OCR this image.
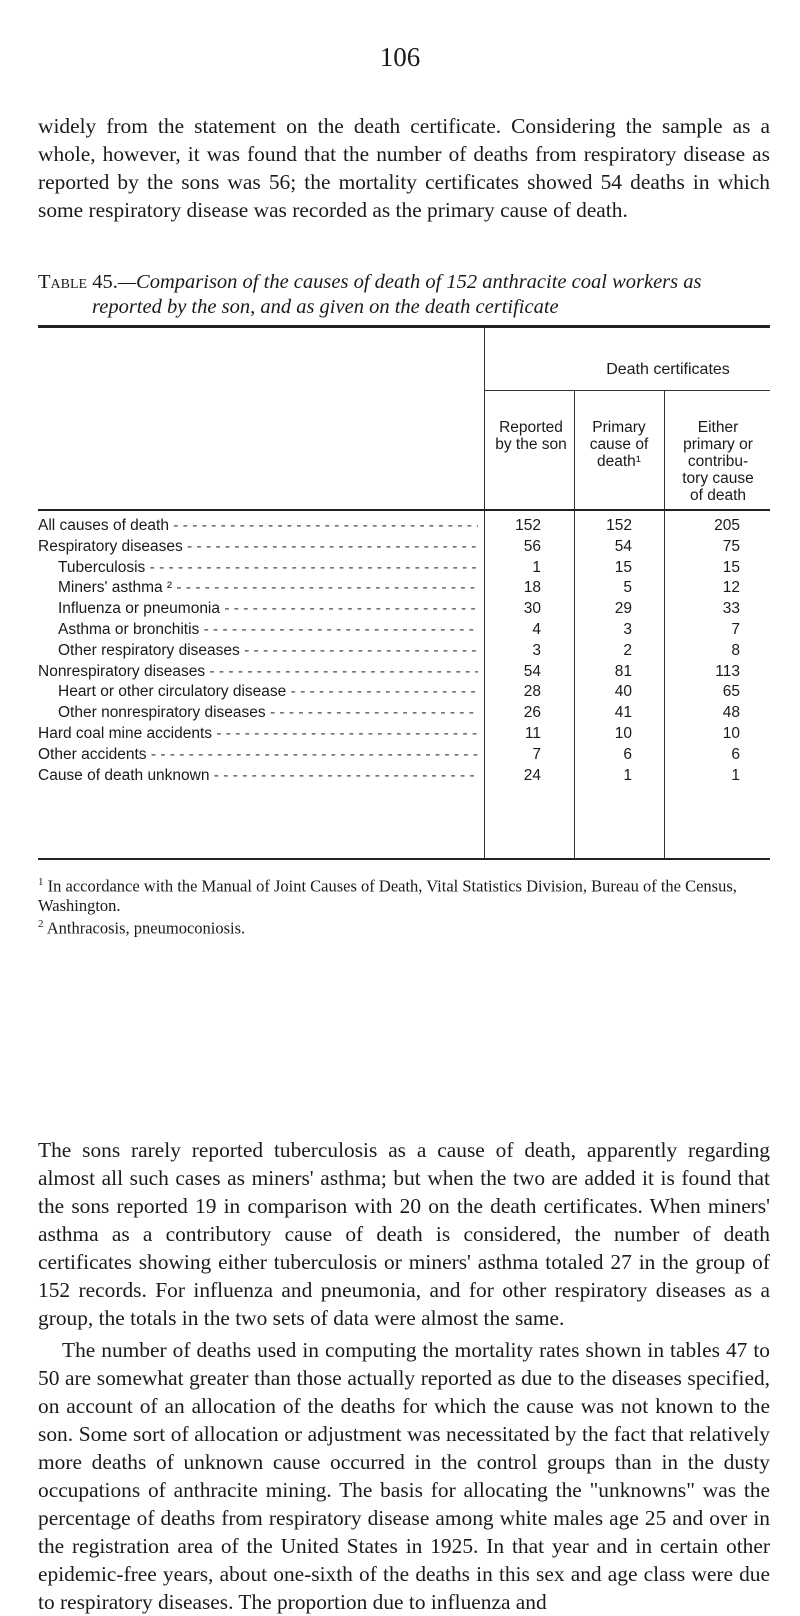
106

widely from the statement on the death certificate. Considering the sample as a whole, however, it was found that the number of deaths from respiratory disease as reported by the sons was 56; the mortality certificates showed 54 deaths in which some respiratory disease was recorded as the primary cause of death.

Table 45.—Comparison of the causes of death of 152 anthracite coal workers as
reported by the son, and as given on the death certificate
Death certificates
Reported
by the son
Primary
cause of
death¹
Either
primary or
contribu-
tory cause
of death
All causes of death - - -	152	152	205
Respiratory diseases - - -	56	54	75
Tuberculosis - - -	1	15	15
Miners' asthma ² - - -	18	5	12
Influenza or pneumonia - - -	30	29	33
Asthma or bronchitis - - -	4	3	7
Other respiratory diseases - - -	3	2	8
Nonrespiratory diseases - - -	54	81	113
Heart or other circulatory disease - - -	28	40	65
Other nonrespiratory diseases - - -	26	41	48
Hard coal mine accidents - - -	11	10	10
Other accidents - - -	7	6	6
Cause of death unknown - - -	24	1	1

$^1$ In accordance with the Manual of Joint Causes of Death, Vital Statistics Division, Bureau of the Census, Washington.

$^2$ Anthracosis, pneumoconiosis.

The sons rarely reported tuberculosis as a cause of death, apparently regarding almost all such cases as miners' asthma; but when the two are added it is found that the sons reported 19 in comparison with 20 on the death certificates. When miners' asthma as a contributory cause of death is considered, the number of death certificates showing either tuberculosis or miners' asthma totaled 27 in the group of 152 records. For influenza and pneumonia, and for other respiratory diseases as a group, the totals in the two sets of data were almost the same.

The number of deaths used in computing the mortality rates shown in tables 47 to 50 are somewhat greater than those actually reported as due to the diseases specified, on account of an allocation of the deaths for which the cause was not known to the son. Some sort of allocation or adjustment was necessitated by the fact that relatively more deaths of unknown cause occurred in the control groups than in the dusty occupations of anthracite mining. The basis for allocating the "unknowns" was the percentage of deaths from respiratory disease among white males age 25 and over in the registration area of the United States in 1925. In that year and in certain other epidemic-free years, about one-sixth of the deaths in this sex and age class were due to respiratory diseases. The proportion due to influenza and
